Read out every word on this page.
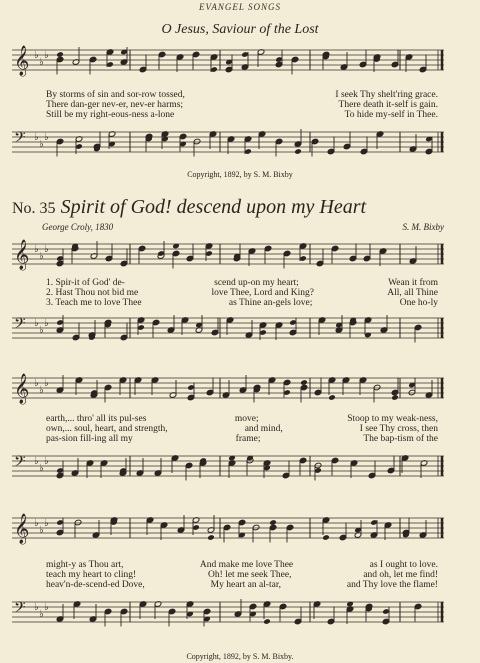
EVANGEL SONGS
O Jesus, Saviour of the Lost
𝄞 ♭
♭
♭
By storms of sin and sor-row tossed,	I seek Thy shelt'ring grace.
There dan-ger nev-er, nev-er harms;	There death it-self is gain.
Still be my right-eous-ness a-lone	To hide my-self in Thee.
𝄢 ♭
♭
♭
Copyright, 1892, by S. M. Bixby
No. 35 Spirit of God! descend upon my Heart
George Croly, 1830	S. M. Bixby
𝄞 ♭
♭
♭
1. Spir-it of God' de-	scend up-on my heart;	Wean it from
2. Hast Thou not bid me	love Thee, Lord and King?	All, all Thine
3. Teach me to love Thee	as Thine an-gels love;	One ho-ly
𝄢 ♭
♭
♭
𝄞 ♭
♭
♭
earth,... thro' all its pul-ses	move;	Stoop to my weak-ness,
own,... soul, heart, and strength,	and mind,	I see Thy cross, then
pas-sion fill-ing all my	frame;	The bap-tism of the
𝄢 ♭
♭
♭
𝄞 ♭
♭
♭
might-y as Thou art,	And make me love Thee	as I ought to love.
teach my heart to cling!	Oh! let me seek Thee,	and oh, let me find!
heav'n-de-scend-ed Dove,	My heart an al-tar,	and Thy love the flame!
𝄢 ♭
♭
♭
Copyright, 1892, by S. M. Bixby.
